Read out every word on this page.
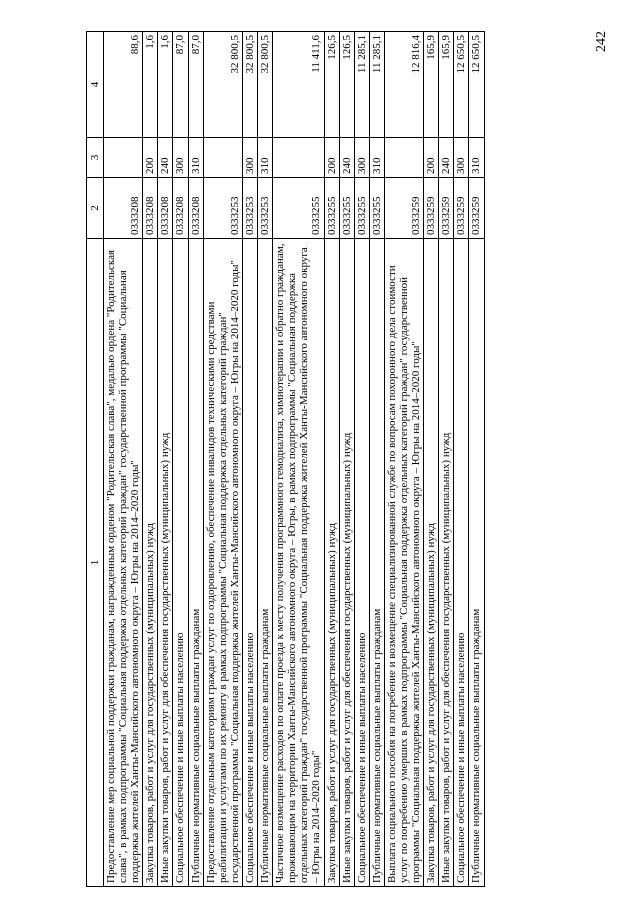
242
1	2	3	4
Предоставление мер социальной поддержки гражданам, награжденным орденом "Родительская слава", медалью ордена "Родительская слава", в рамках подпрограммы "Социальная поддержка отдельных категорий граждан" государственной программы "Социальная поддержка жителей Ханты-Мансийского автономного округа – Югры на 2014–2020 годы"	0333208		88,6
Закупка товаров, работ и услуг для государственных (муниципальных) нужд	0333208	200	1,6
Иные закупки товаров, работ и услуг для обеспечения государственных (муниципальных) нужд	0333208	240	1,6
Социальное обеспечение и иные выплаты населению	0333208	300	87,0
Публичные нормативные социальные выплаты гражданам	0333208	310	87,0
Предоставление отдельным категориям граждан услуг по оздоровлению, обеспечение инвалидов техническими средствами реабилитации и услугами по их ремонту в рамках подпрограммы "Социальная поддержка отдельных категорий граждан" государственной программы "Социальная поддержка жителей Ханты-Мансийского автономного округа – Югры на 2014–2020 годы"	0333253		32 800,5
Социальное обеспечение и иные выплаты населению	0333253	300	32 800,5
Публичные нормативные социальные выплаты гражданам	0333253	310	32 800,5
Частичное возмещение расходов по оплате проезда к месту получения программного гемодиализа, химиотерапии и обратно гражданам, проживающим на территории Ханты-Мансийского автономного округа – Югры, в рамках подпрограммы "Социальная поддержка отдельных категорий граждан" государственной программы "Социальная поддержка жителей Ханты-Мансийского автономного округа – Югры на 2014–2020 годы"	0333255		11 411,6
Закупка товаров, работ и услуг для государственных (муниципальных) нужд	0333255	200	126,5
Иные закупки товаров, работ и услуг для обеспечения государственных (муниципальных) нужд	0333255	240	126,5
Социальное обеспечение и иные выплаты населению	0333255	300	11 285,1
Публичные нормативные социальные выплаты гражданам	0333255	310	11 285,1
Выплата социального пособия на погребение и возмещение специализированной службе по вопросам похоронного дела стоимости услуг по погребению умерших в рамках подпрограммы "Социальная поддержка отдельных категорий граждан" государственной программы "Социальная поддержка жителей Ханты-Мансийского автономного округа – Югры на 2014–2020 годы"	0333259		12 816,4
Закупка товаров, работ и услуг для государственных (муниципальных) нужд	0333259	200	165,9
Иные закупки товаров, работ и услуг для обеспечения государственных (муниципальных) нужд	0333259	240	165,9
Социальное обеспечение и иные выплаты населению	0333259	300	12 650,5
Публичные нормативные социальные выплаты гражданам	0333259	310	12 650,5
